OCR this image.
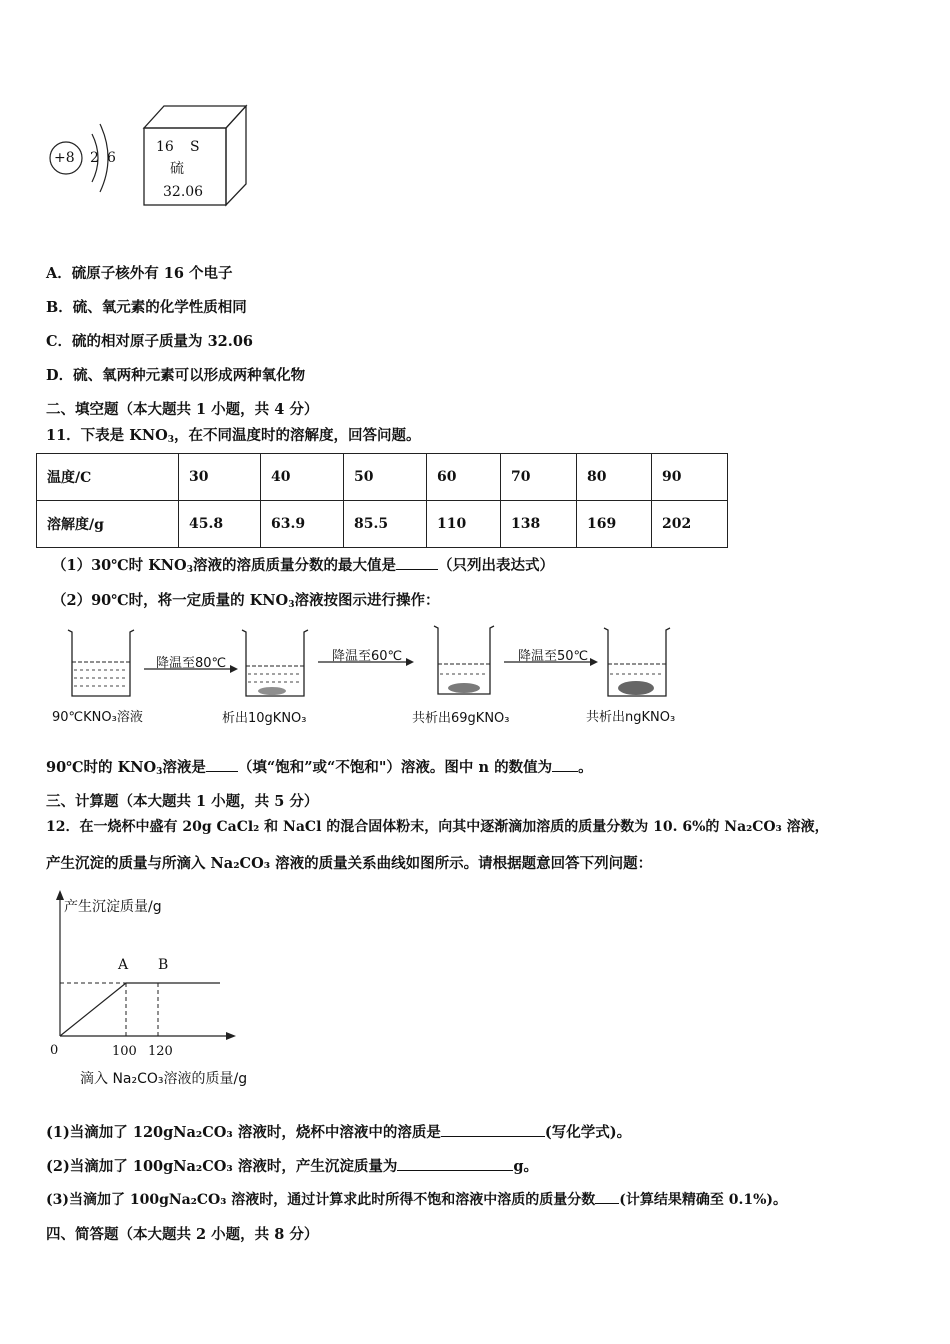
+8 2 6
16 S
硫
32.06
A．硫原子核外有 16 个电子
B．硫、氧元素的化学性质相同
C．硫的相对原子质量为 32.06
D．硫、氧两种元素可以形成两种氧化物
二、填空题（本大题共 1 小题，共 4 分）
11．下表是 $KNO_3$，在不同温度时的溶解度，回答问题。
温度/C	30	40	50	60	70	80	90
溶解度/g	45.8	63.9	85.5	110	138	169	202
（1）30℃时 $KNO_3$溶液的溶质质量分数的最大值是	（只列出表达式）
（2）90℃时，将一定质量的 $KNO_3$溶液按图示进行操作：
降温至80℃	降温至60℃	降温至50℃
90℃KNO₃溶液	析出10gKNO₃	共析出69gKNO₃	共析出ngKNO₃
90℃时的 $KNO_3$溶液是 （填“饱和”或“不饱和"）溶液。图中 n 的数值为 。
三、计算题（本大题共 1 小题，共 5 分）
12．在一烧杯中盛有 20g CaCl₂ 和 NaCl 的混合固体粉末，向其中逐渐滴加溶质的质量分数为 10. 6%的 Na₂CO₃ 溶液，
产生沉淀的质量与所滴入 Na₂CO₃ 溶液的质量关系曲线如图所示。请根据题意回答下列问题：
产生沉淀质量/g
A B
0	100 120
滴入 Na₂CO₃溶液的质量/g
(1)当滴加了 120gNa₂CO₃ 溶液时，烧杯中溶液中的溶质是	(写化学式)。
(2)当滴加了 100gNa₂CO₃ 溶液时，产生沉淀质量为	g。
(3)当滴加了 100gNa₂CO₃ 溶液时，通过计算求此时所得不饱和溶液中溶质的质量分数 (计算结果精确至 0.1%)。
四、简答题（本大题共 2 小题，共 8 分）
